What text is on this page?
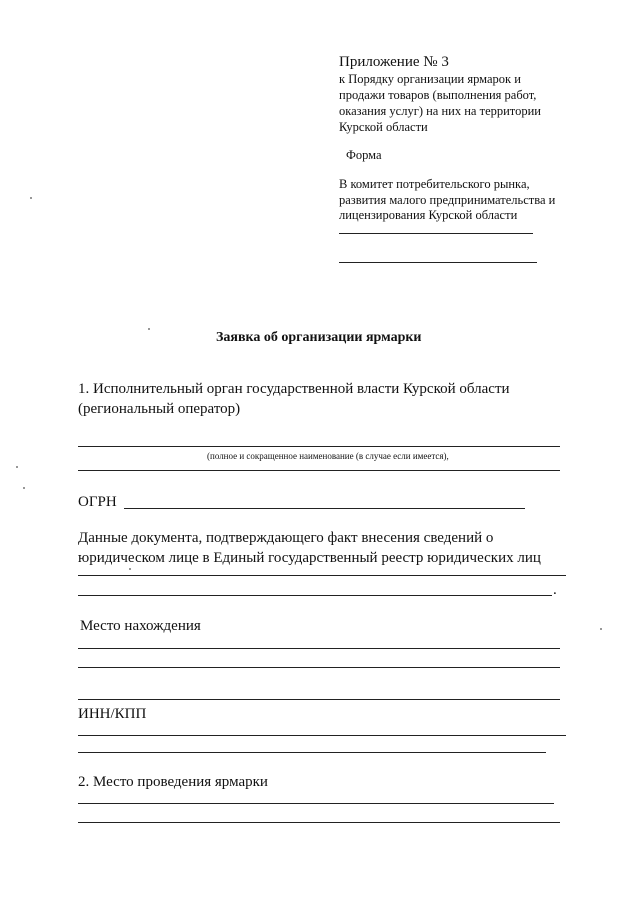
Приложение № 3
к Порядку организации ярмарок и
продажи товаров (выполнения работ,
оказания услуг) на них на территории
Курской области
Форма
В комитет потребительского рынка,
развития малого предпринимательства и
лицензирования Курской области
Заявка об организации ярмарки
1. Исполнительный орган государственной власти Курской области
(региональный оператор)
(полное и сокращенное наименование (в случае если имеется),
ОГРН
Данные документа, подтверждающего факт внесения сведений о
юридическом лице в Единый государственный реестр юридических лиц
.
Место нахождения
ИНН/КПП
2. Место проведения ярмарки
